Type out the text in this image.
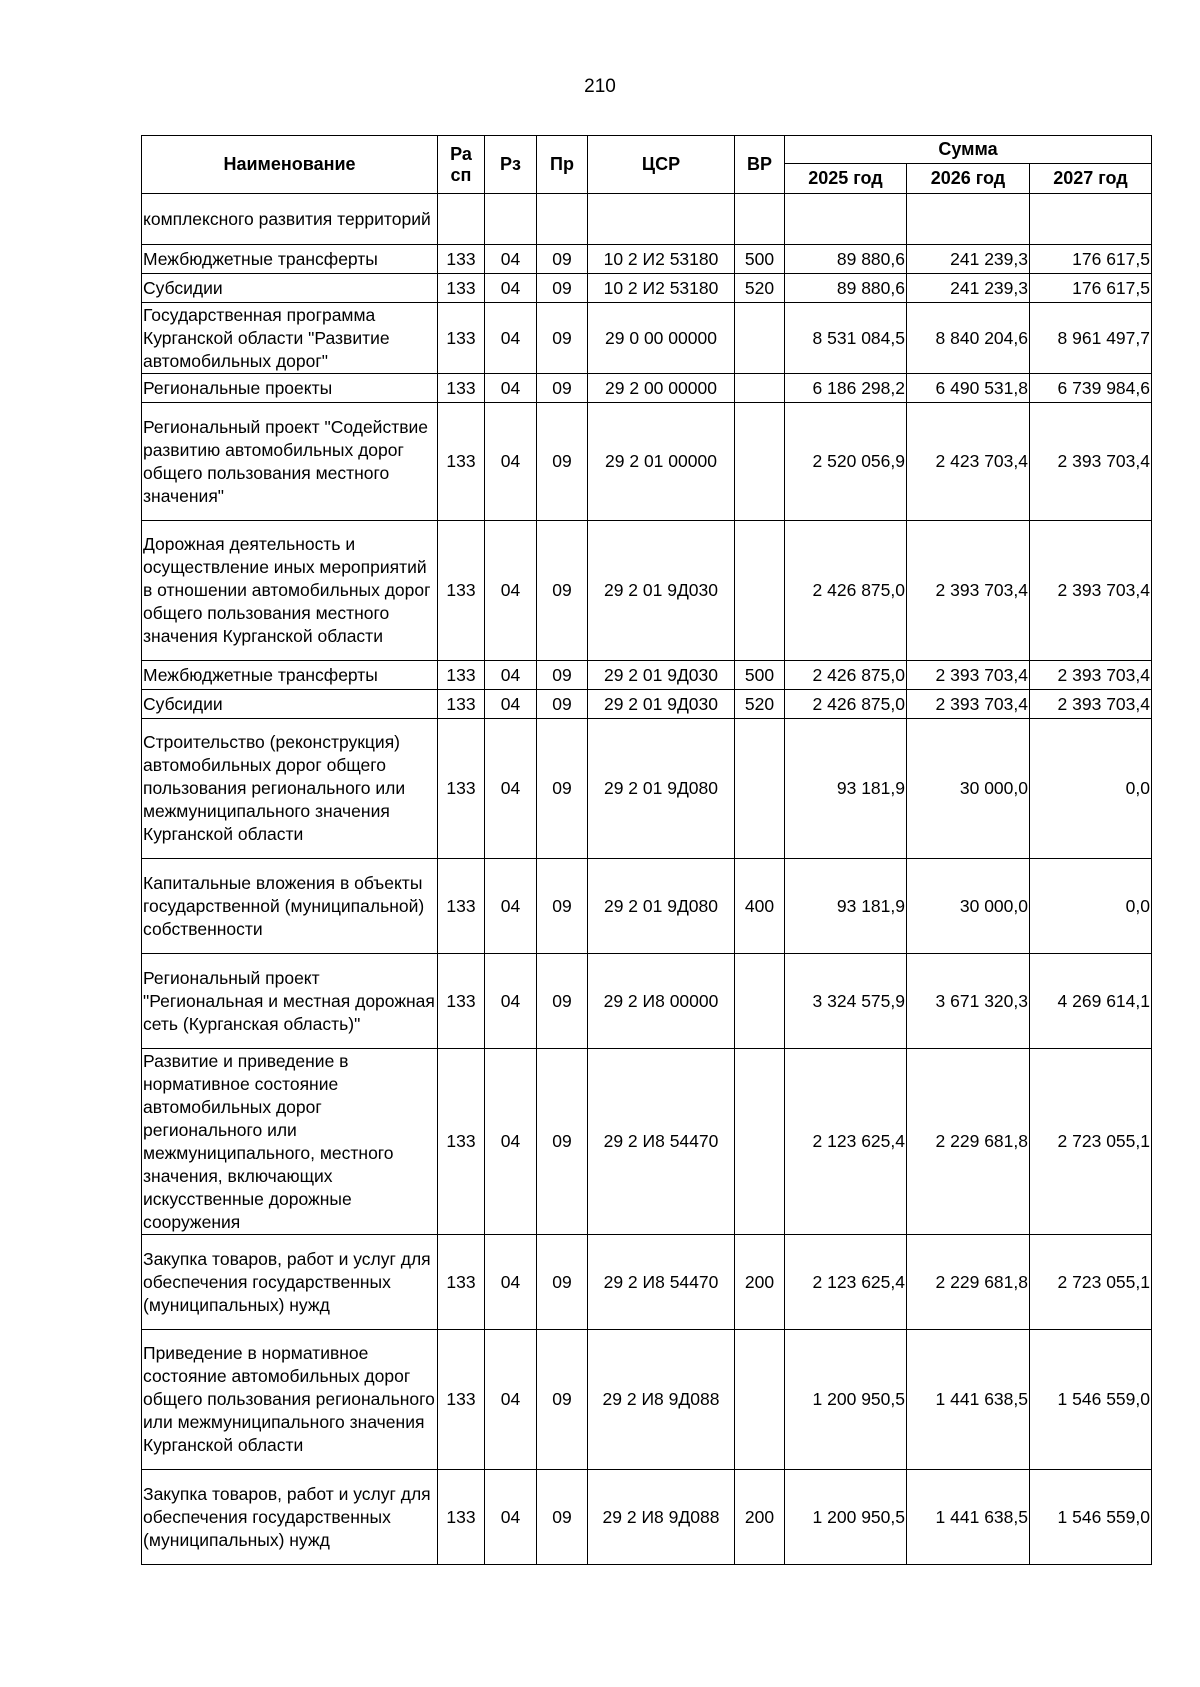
210
Наименование	Ра сп	Рз	Пр	ЦСР	ВР	Сумма		
						2025 год	2026 год	2027 год
комплексного развития территорий								
Межбюджетные трансферты	133	04	09	10 2 И2 53180	500	89 880,6	241 239,3	176 617,5
Субсидии	133	04	09	10 2 И2 53180	520	89 880,6	241 239,3	176 617,5
Государственная программа Курганской области "Развитие автомобильных дорог"	133	04	09	29 0 00 00000		8 531 084,5	8 840 204,6	8 961 497,7
Региональные проекты	133	04	09	29 2 00 00000		6 186 298,2	6 490 531,8	6 739 984,6
Региональный проект "Содействие развитию автомобильных дорог общего пользования местного значения"	133	04	09	29 2 01 00000		2 520 056,9	2 423 703,4	2 393 703,4
Дорожная деятельность и осуществление иных мероприятий в отношении автомобильных дорог общего пользования местного значения Курганской области	133	04	09	29 2 01 9Д030		2 426 875,0	2 393 703,4	2 393 703,4
Межбюджетные трансферты	133	04	09	29 2 01 9Д030	500	2 426 875,0	2 393 703,4	2 393 703,4
Субсидии	133	04	09	29 2 01 9Д030	520	2 426 875,0	2 393 703,4	2 393 703,4
Строительство (реконструкция) автомобильных дорог общего пользования регионального или межмуниципального значения Курганской области	133	04	09	29 2 01 9Д080		93 181,9	30 000,0	0,0
Капитальные вложения в объекты государственной (муниципальной) собственности	133	04	09	29 2 01 9Д080	400	93 181,9	30 000,0	0,0
Региональный проект "Региональная и местная дорожная сеть (Курганская область)"	133	04	09	29 2 И8 00000		3 324 575,9	3 671 320,3	4 269 614,1
Развитие и приведение в нормативное состояние автомобильных дорог регионального или межмуниципального, местного значения, включающих искусственные дорожные сооружения	133	04	09	29 2 И8 54470		2 123 625,4	2 229 681,8	2 723 055,1
Закупка товаров, работ и услуг для обеспечения государственных (муниципальных) нужд	133	04	09	29 2 И8 54470	200	2 123 625,4	2 229 681,8	2 723 055,1
Приведение в нормативное состояние автомобильных дорог общего пользования регионального или межмуниципального значения Курганской области	133	04	09	29 2 И8 9Д088		1 200 950,5	1 441 638,5	1 546 559,0
Закупка товаров, работ и услуг для обеспечения государственных (муниципальных) нужд	133	04	09	29 2 И8 9Д088	200	1 200 950,5	1 441 638,5	1 546 559,0
